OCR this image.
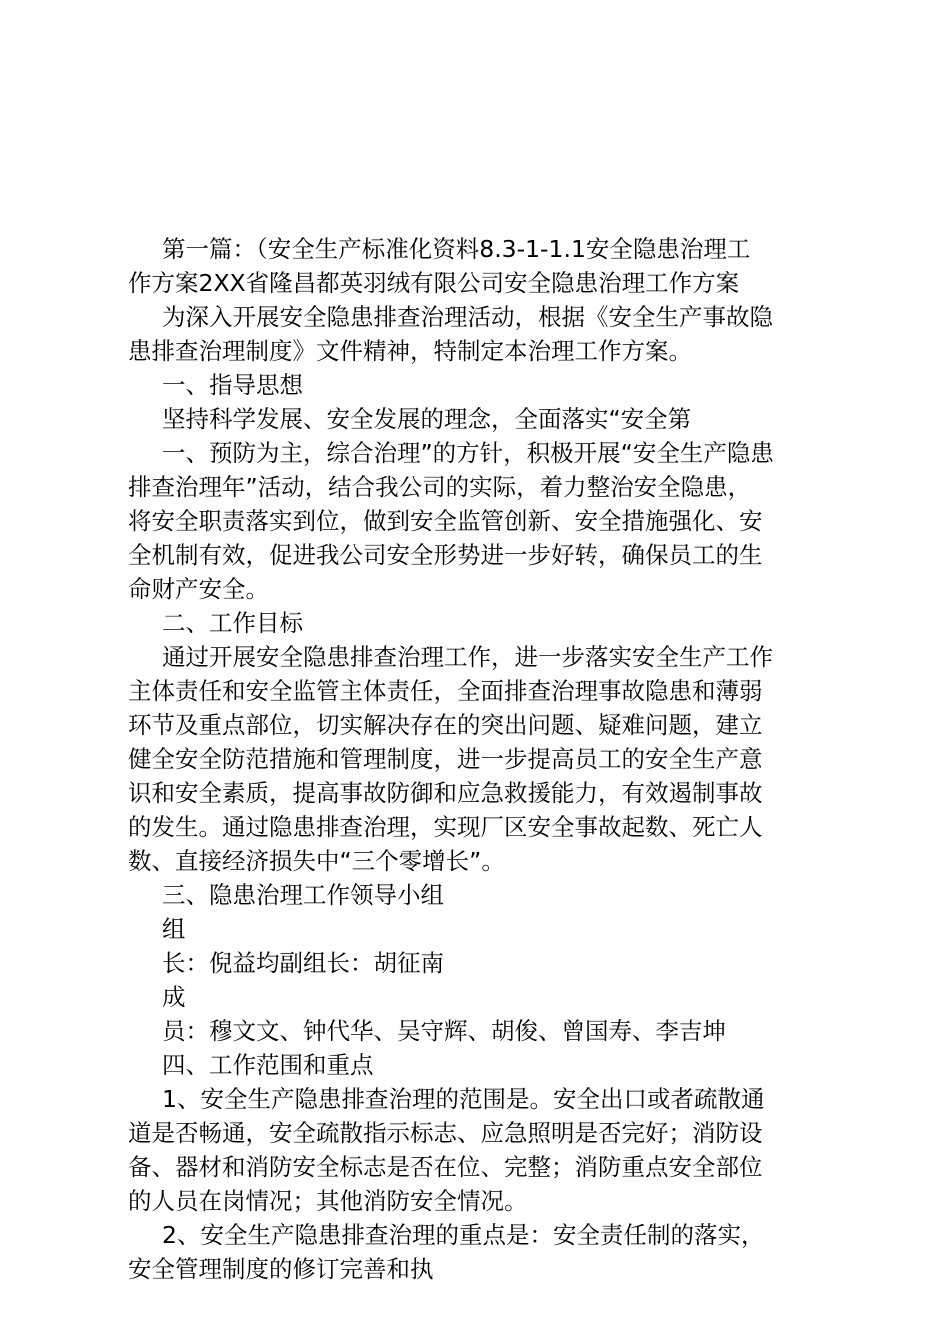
第一篇：（安全生产标准化资料8.3-1-1.1安全隐患治理工
作方案2XX省隆昌都英羽绒有限公司安全隐患治理工作方案
为深入开展安全隐患排查治理活动，根据《安全生产事故隐
患排查治理制度》文件精神，特制定本治理工作方案。
一、指导思想
坚持科学发展、安全发展的理念，全面落实“安全第
一、预防为主，综合治理”的方针，积极开展“安全生产隐患
排查治理年”活动，结合我公司的实际，着力整治安全隐患，
将安全职责落实到位，做到安全监管创新、安全措施强化、安
全机制有效，促进我公司安全形势进一步好转，确保员工的生
命财产安全。
二、工作目标
通过开展安全隐患排查治理工作，进一步落实安全生产工作
主体责任和安全监管主体责任，全面排查治理事故隐患和薄弱
环节及重点部位，切实解决存在的突出问题、疑难问题，建立
健全安全防范措施和管理制度，进一步提高员工的安全生产意
识和安全素质，提高事故防御和应急救援能力，有效遏制事故
的发生。通过隐患排查治理，实现厂区安全事故起数、死亡人
数、直接经济损失中“三个零增长”。
三、隐患治理工作领导小组
组
长：倪益均副组长：胡征南
成
员：穆文文、钟代华、吴守辉、胡俊、曾国寿、李吉坤
四、工作范围和重点
1、安全生产隐患排查治理的范围是。安全出口或者疏散通
道是否畅通，安全疏散指示标志、应急照明是否完好；消防设
备、器材和消防安全标志是否在位、完整；消防重点安全部位
的人员在岗情况；其他消防安全情况。
2、安全生产隐患排查治理的重点是：安全责任制的落实，
安全管理制度的修订完善和执
